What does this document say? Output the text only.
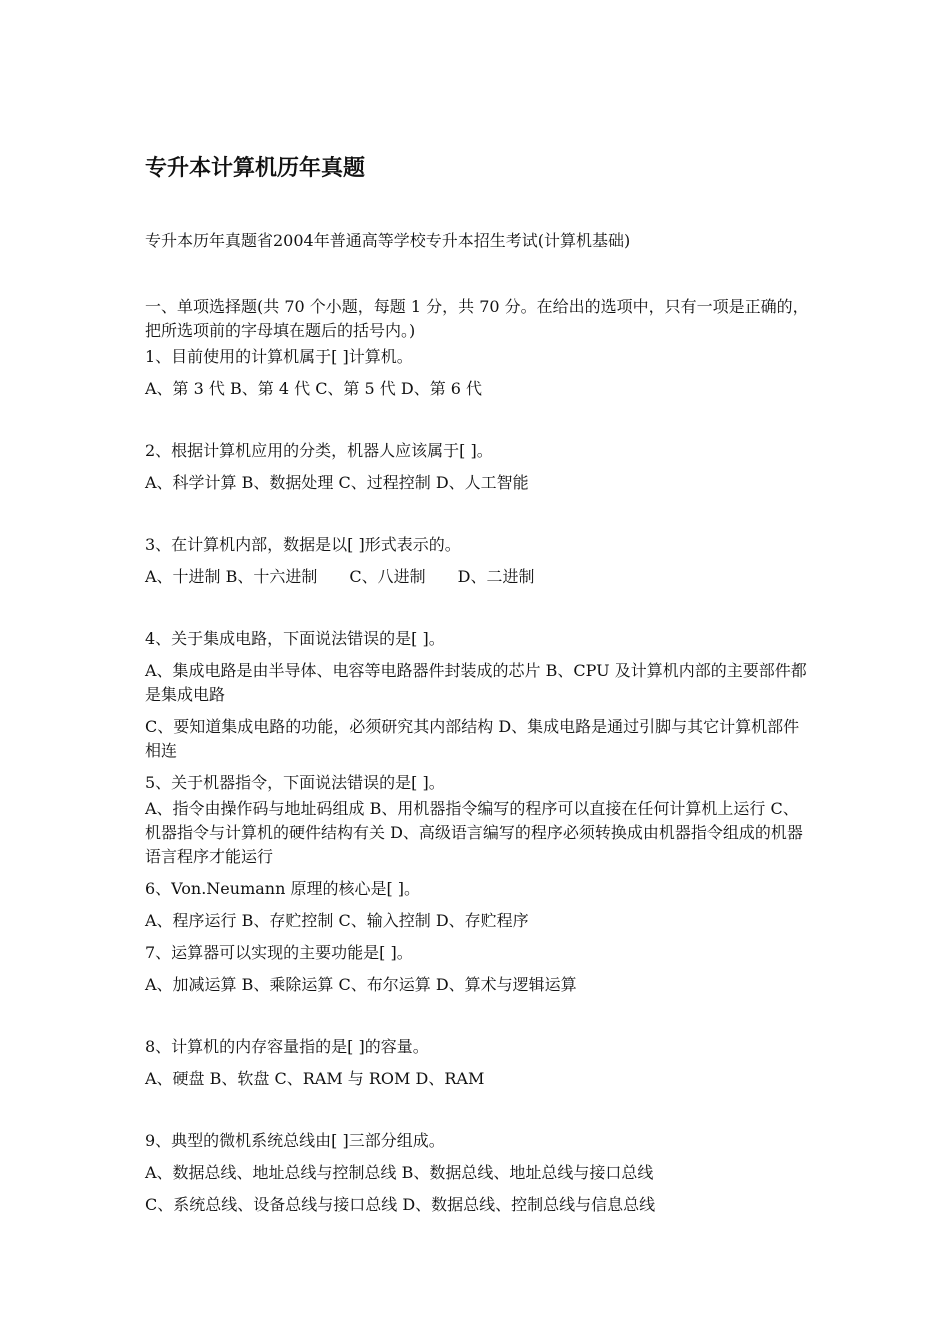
专升本计算机历年真题
专升本历年真题省2004年普通高等学校专升本招生考试(计算机基础)

一、单项选择题(共 70 个小题，每题 1 分，共 70 分。在给出的选项中，只有一项是正确的，把所选项前的字母填在题后的括号内。)

1、目前使用的计算机属于[ ]计算机。

A、第 3 代 B、第 4 代 C、第 5 代 D、第 6 代

2、根据计算机应用的分类，机器人应该属于[ ]。

A、科学计算 B、数据处理 C、过程控制 D、人工智能

3、在计算机内部，数据是以[ ]形式表示的。

A、十进制 B、十六进制 C、八进制 D、二进制

4、关于集成电路，下面说法错误的是[ ]。

A、集成电路是由半导体、电容等电路器件封装成的芯片 B、CPU 及计算机内部的主要部件都是集成电路

C、要知道集成电路的功能，必须研究其内部结构 D、集成电路是通过引脚与其它计算机部件相连

5、关于机器指令，下面说法错误的是[ ]。

A、指令由操作码与地址码组成 B、用机器指令编写的程序可以直接在任何计算机上运行 C、机器指令与计算机的硬件结构有关 D、高级语言编写的程序必须转换成由机器指令组成的机器语言程序才能运行

6、Von.Neumann 原理的核心是[ ]。

A、程序运行 B、存贮控制 C、输入控制 D、存贮程序

7、运算器可以实现的主要功能是[ ]。

A、加减运算 B、乘除运算 C、布尔运算 D、算术与逻辑运算

8、计算机的内存容量指的是[ ]的容量。

A、硬盘 B、软盘 C、RAM 与 ROM D、RAM

9、典型的微机系统总线由[ ]三部分组成。

A、数据总线、地址总线与控制总线 B、数据总线、地址总线与接口总线

C、系统总线、设备总线与接口总线 D、数据总线、控制总线与信息总线
